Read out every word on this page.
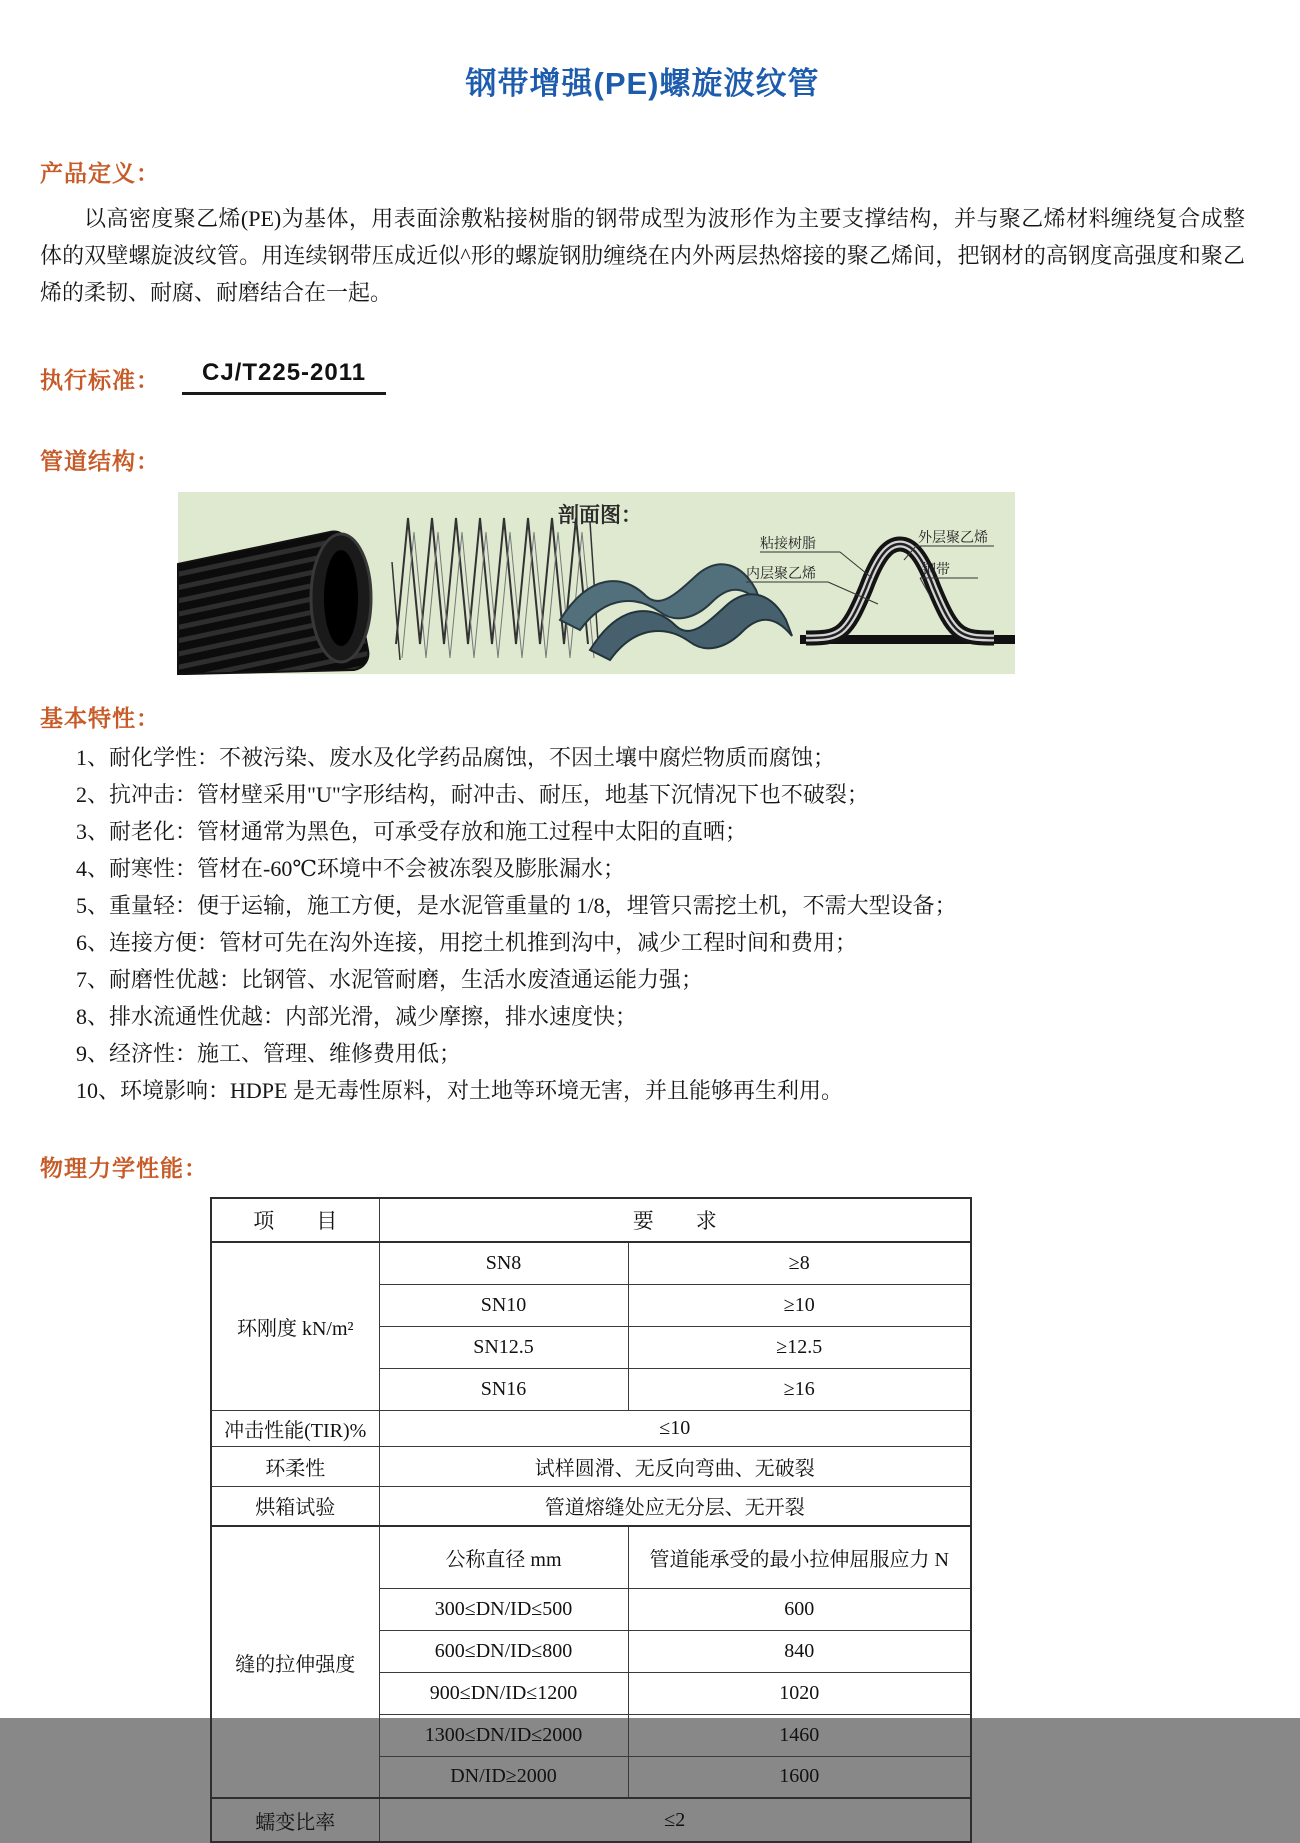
钢带增强(PE)螺旋波纹管
产品定义：

以高密度聚乙烯(PE)为基体，用表面涂敷粘接树脂的钢带成型为波形作为主要支撑结构，并与聚乙烯材料缠绕复合成整体的双壁螺旋波纹管。用连续钢带压成近似^形的螺旋钢肋缠绕在内外两层热熔接的聚乙烯间，把钢材的高钢度高强度和聚乙烯的柔韧、耐腐、耐磨结合在一起。

执行标准：	CJ/T225-2011
管道结构：
剖面图：
粘接树脂	外层聚乙烯
内层聚乙烯	钢带
基本特性：
1、耐化学性：不被污染、废水及化学药品腐蚀，不因土壤中腐烂物质而腐蚀；
2、抗冲击：管材壁采用"U"字形结构，耐冲击、耐压，地基下沉情况下也不破裂；
3、耐老化：管材通常为黑色，可承受存放和施工过程中太阳的直晒；
4、耐寒性：管材在-60℃环境中不会被冻裂及膨胀漏水；
5、重量轻：便于运输，施工方便，是水泥管重量的 1/8，埋管只需挖土机，不需大型设备；
6、连接方便：管材可先在沟外连接，用挖土机推到沟中，减少工程时间和费用；
7、耐磨性优越：比钢管、水泥管耐磨，生活水废渣通运能力强；
8、排水流通性优越：内部光滑，减少摩擦，排水速度快；
9、经济性：施工、管理、维修费用低；
10、环境影响：HDPE 是无毒性原料，对土地等环境无害，并且能够再生利用。
物理力学性能：
项　　目	要　　求	
环刚度 kN/m²	SN8	≥8
	SN10	≥10
	SN12.5	≥12.5
	SN16	≥16
冲击性能(TIR)%	≤10	
环柔性	试样圆滑、无反向弯曲、无破裂	
烘箱试验	管道熔缝处应无分层、无开裂	
缝的拉伸强度	公称直径 mm	管道能承受的最小拉伸屈服应力 N
	300≤DN/ID≤500	600
	600≤DN/ID≤800	840
	900≤DN/ID≤1200	1020
	1300≤DN/ID≤2000	1460
	DN/ID≥2000	1600
蠕变比率	≤2	
